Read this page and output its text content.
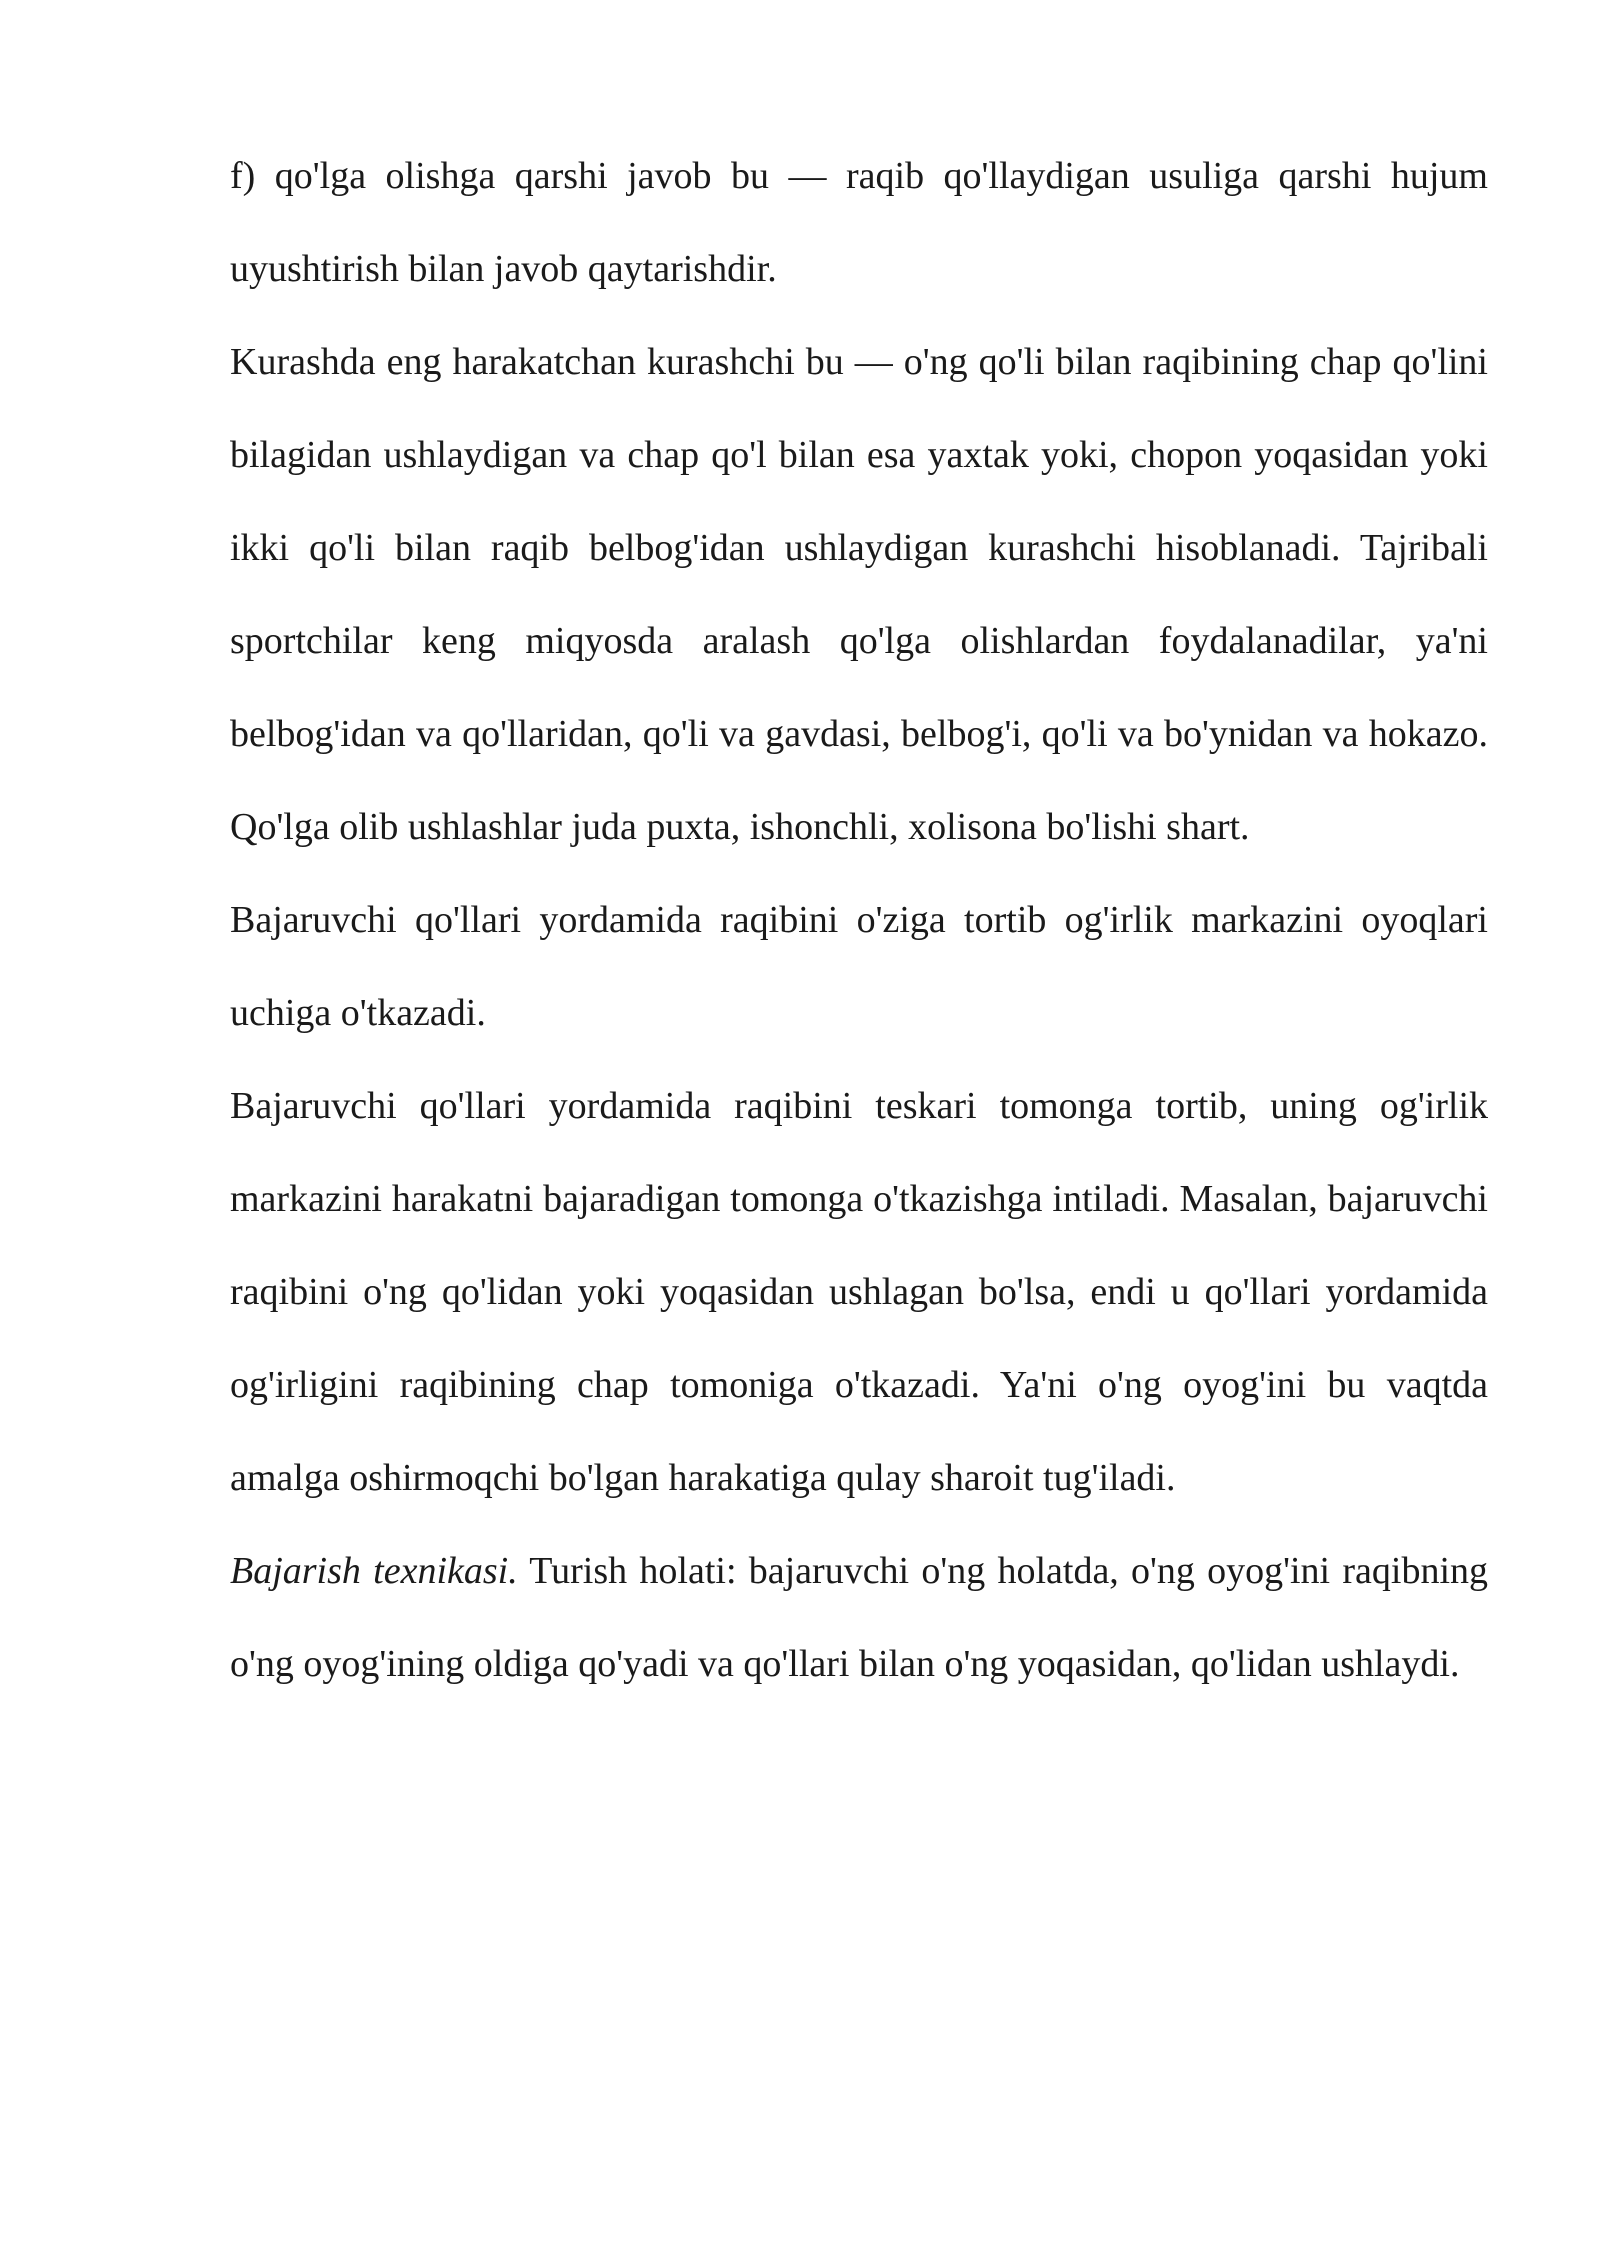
f) qo'lga olishga qarshi javob bu — raqib qo'llaydigan usuliga qarshi hujum uyushtirish bilan javob qaytarishdir.

Kurashda eng harakatchan kurashchi bu — o'ng qo'li bilan raqibining chap qo'lini bilagidan ushlaydigan va chap qo'l bilan esa yaxtak yoki, chopon yoqasidan yoki ikki qo'li bilan raqib belbog'idan ushlaydigan kurashchi hisoblanadi. Tajribali sportchilar keng miqyosda aralash qo'lga olishlardan foydalanadilar, ya'ni belbog'idan va qo'llaridan, qo'li va gavdasi, belbog'i, qo'li va bo'ynidan va hokazo. Qo'lga olib ushlashlar juda puxta, ishonchli, xolisona bo'lishi shart.

Bajaruvchi qo'llari yordamida raqibini o'ziga tortib og'irlik markazini oyoqlari uchiga o'tkazadi.

Bajaruvchi qo'llari yordamida raqibini teskari tomonga tortib, uning og'irlik markazini harakatni bajaradigan tomonga o'tkazishga intiladi. Masalan, bajaruvchi raqibini o'ng qo'lidan yoki yoqasidan ushlagan bo'lsa, endi u qo'llari yordamida og'irligini raqibining chap tomoniga o'tkazadi. Ya'ni o'ng oyog'ini bu vaqtda amalga oshirmoqchi bo'lgan harakatiga qulay sharoit tug'iladi.

Bajarish texnikasi. Turish holati: bajaruvchi o'ng holatda, o'ng oyog'ini raqibning o'ng oyog'ining oldiga qo'yadi va qo'llari bilan o'ng yoqasidan, qo'lidan ushlaydi.
